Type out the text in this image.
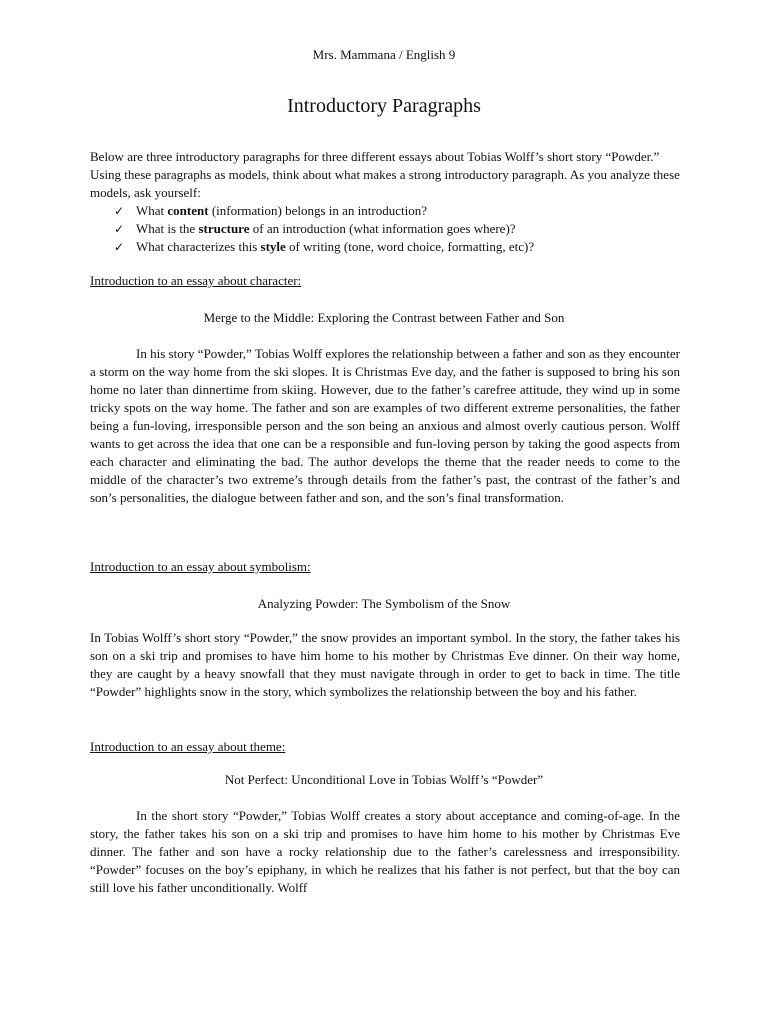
Mrs. Mammana / English 9
Introductory Paragraphs
Below are three introductory paragraphs for three different essays about Tobias Wolff’s short story “Powder.” Using these paragraphs as models, think about what makes a strong introductory paragraph. As you analyze these models, ask yourself:
✓ What content (information) belongs in an introduction?
✓ What is the structure of an introduction (what information goes where)?
✓ What characterizes this style of writing (tone, word choice, formatting, etc)?
Introduction to an essay about character:
Merge to the Middle: Exploring the Contrast between Father and Son

In his story “Powder,” Tobias Wolff explores the relationship between a father and son as they encounter a storm on the way home from the ski slopes. It is Christmas Eve day, and the father is supposed to bring his son home no later than dinnertime from skiing. However, due to the father’s carefree attitude, they wind up in some tricky spots on the way home. The father and son are examples of two different extreme personalities, the father being a fun-loving, irresponsible person and the son being an anxious and almost overly cautious person. Wolff wants to get across the idea that one can be a responsible and fun-loving person by taking the good aspects from each character and eliminating the bad. The author develops the theme that the reader needs to come to the middle of the character’s two extreme’s through details from the father’s past, the contrast of the father’s and son’s personalities, the dialogue between father and son, and the son’s final transformation.

Introduction to an essay about symbolism:
Analyzing Powder: The Symbolism of the Snow

In Tobias Wolff’s short story “Powder,” the snow provides an important symbol. In the story, the father takes his son on a ski trip and promises to have him home to his mother by Christmas Eve dinner. On their way home, they are caught by a heavy snowfall that they must navigate through in order to get to back in time. The title “Powder” highlights snow in the story, which symbolizes the relationship between the boy and his father.

Introduction to an essay about theme:
Not Perfect: Unconditional Love in Tobias Wolff’s “Powder”

In the short story “Powder,” Tobias Wolff creates a story about acceptance and coming-of-age. In the story, the father takes his son on a ski trip and promises to have him home to his mother by Christmas Eve dinner. The father and son have a rocky relationship due to the father’s carelessness and irresponsibility. “Powder” focuses on the boy’s epiphany, in which he realizes that his father is not perfect, but that the boy can still love his father unconditionally. Wolff
